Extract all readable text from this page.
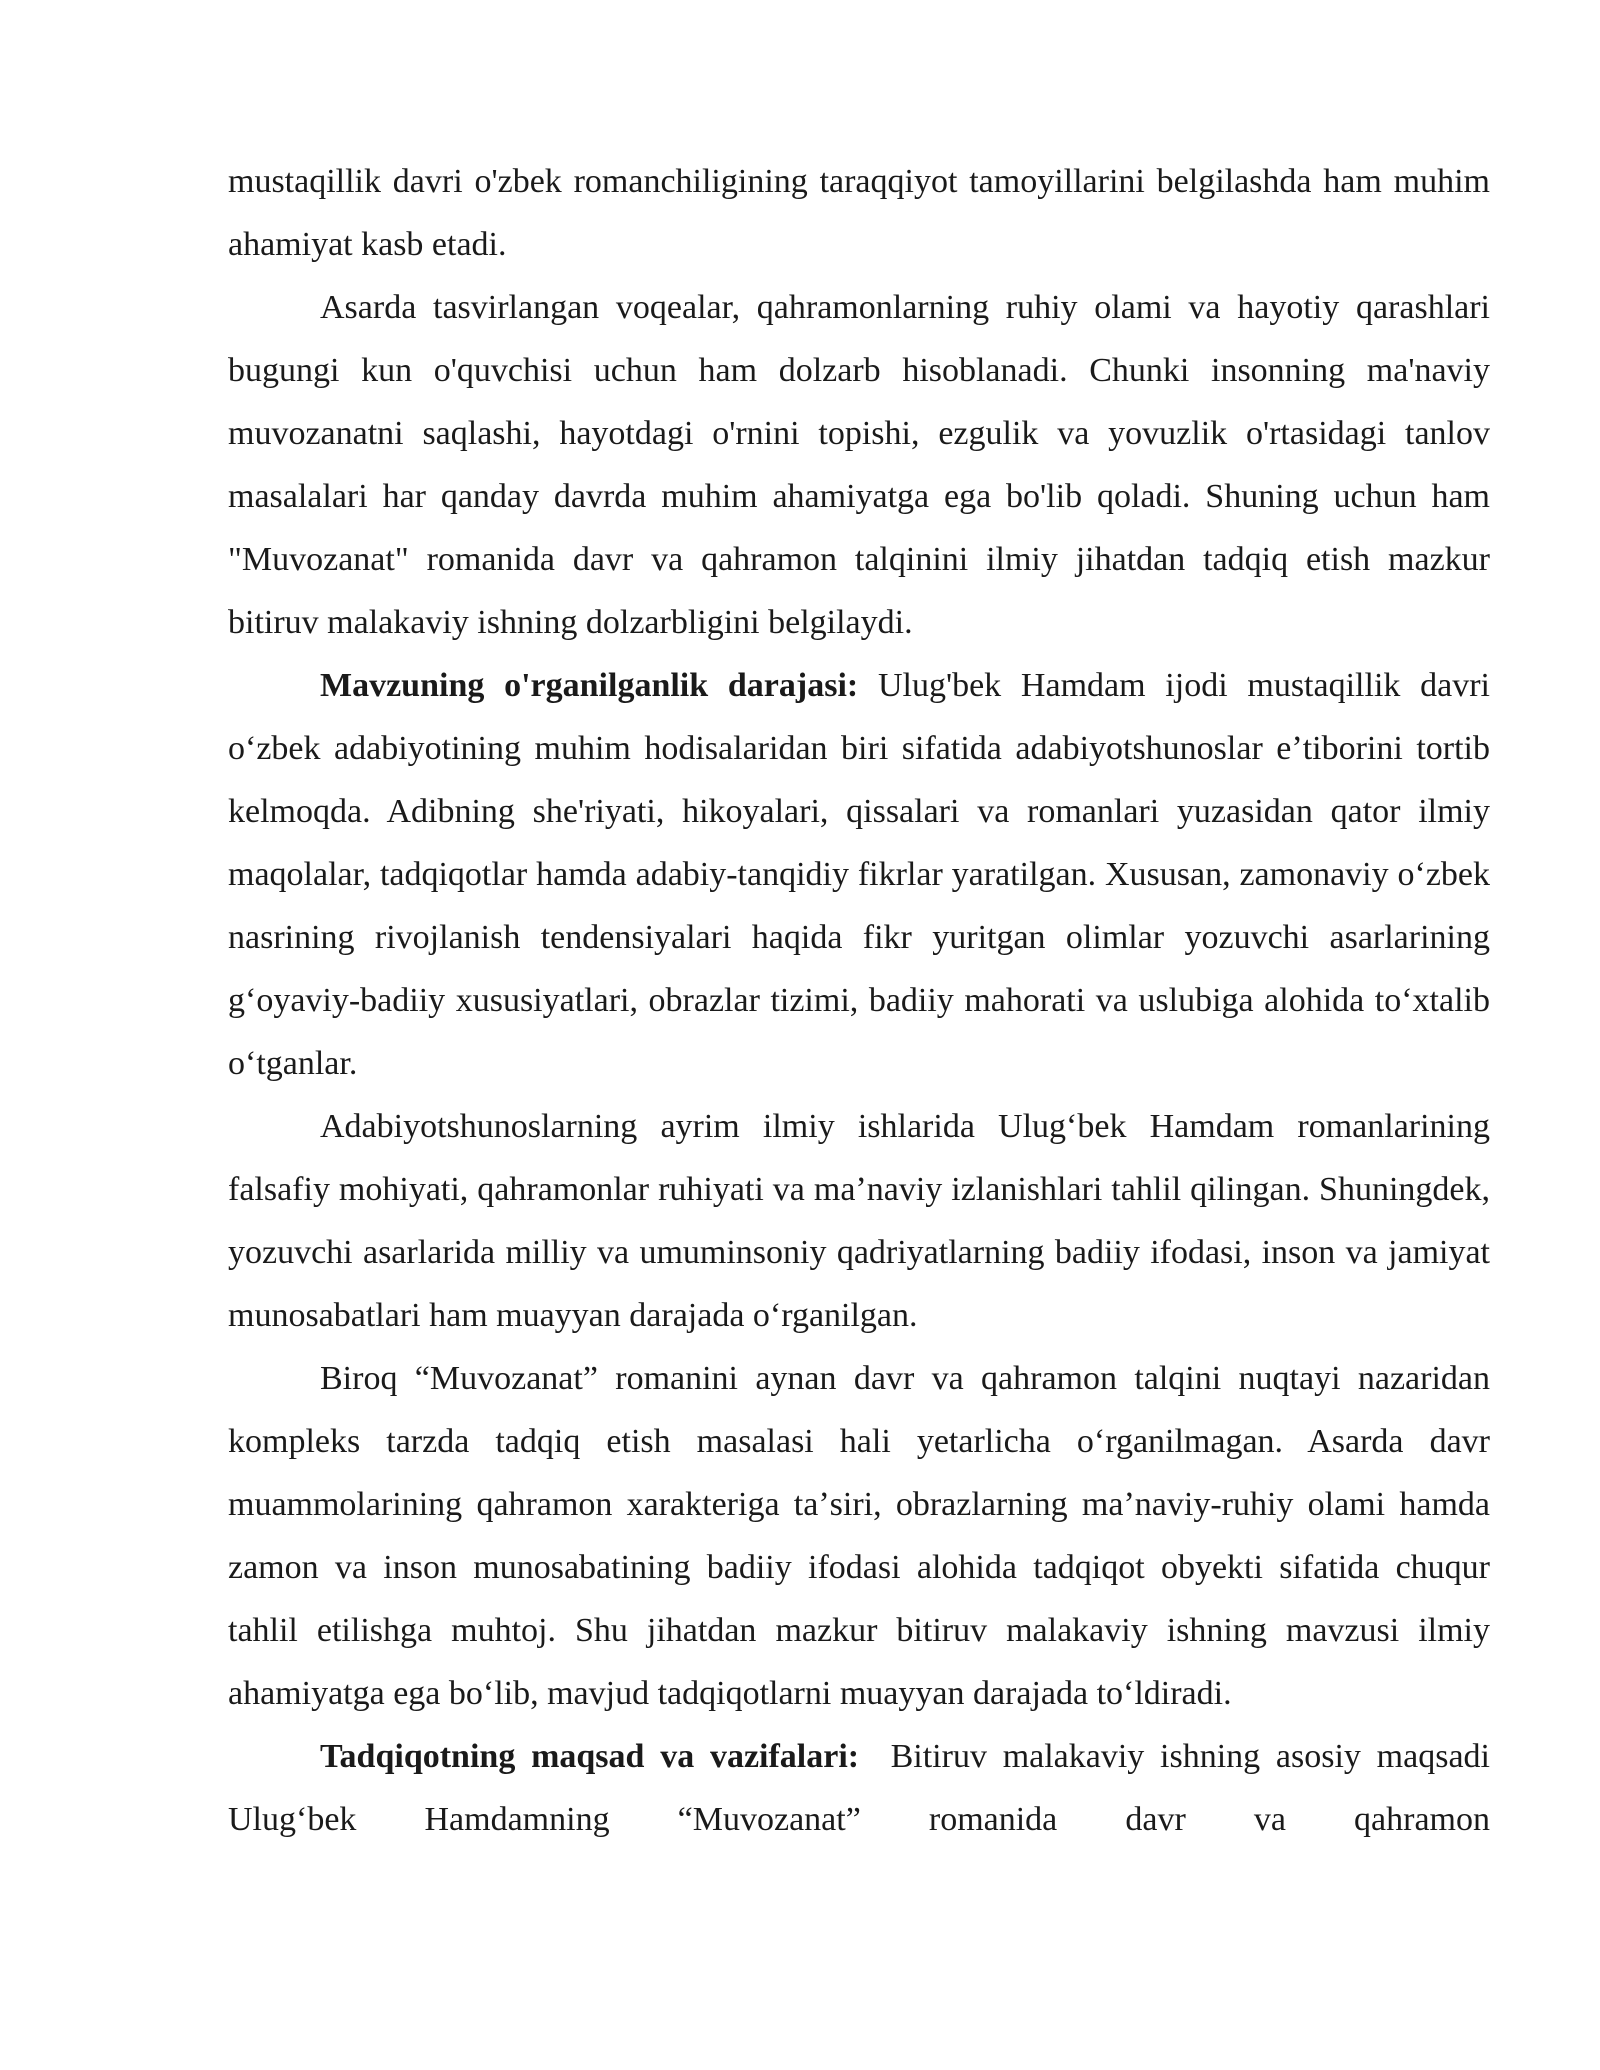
mustaqillik davri o'zbek romanchiligining taraqqiyot tamoyillarini belgilashda ham muhim ahamiyat kasb etadi.

Asarda tasvirlangan voqealar, qahramonlarning ruhiy olami va hayotiy qarashlari bugungi kun o'quvchisi uchun ham dolzarb hisoblanadi. Chunki insonning ma'naviy muvozanatni saqlashi, hayotdagi o'rnini topishi, ezgulik va yovuzlik o'rtasidagi tanlov masalalari har qanday davrda muhim ahamiyatga ega bo'lib qoladi. Shuning uchun ham "Muvozanat" romanida davr va qahramon talqinini ilmiy jihatdan tadqiq etish mazkur bitiruv malakaviy ishning dolzarbligini belgilaydi.

Mavzuning o'rganilganlik darajasi: Ulug'bek Hamdam ijodi mustaqillik davri oʻzbek adabiyotining muhim hodisalaridan biri sifatida adabiyotshunoslar eʼtiborini tortib kelmoqda. Adibning she'riyati, hikoyalari, qissalari va romanlari yuzasidan qator ilmiy maqolalar, tadqiqotlar hamda adabiy-tanqidiy fikrlar yaratilgan. Xususan, zamonaviy oʻzbek nasrining rivojlanish tendensiyalari haqida fikr yuritgan olimlar yozuvchi asarlarining gʻoyaviy-badiiy xususiyatlari, obrazlar tizimi, badiiy mahorati va uslubiga alohida toʻxtalib oʻtganlar.

Adabiyotshunoslarning ayrim ilmiy ishlarida Ulugʻbek Hamdam romanlarining falsafiy mohiyati, qahramonlar ruhiyati va maʼnaviy izlanishlari tahlil qilingan. Shuningdek, yozuvchi asarlarida milliy va umuminsoniy qadriyatlarning badiiy ifodasi, inson va jamiyat munosabatlari ham muayyan darajada oʻrganilgan.

Biroq “Muvozanat” romanini aynan davr va qahramon talqini nuqtayi nazaridan kompleks tarzda tadqiq etish masalasi hali yetarlicha oʻrganilmagan. Asarda davr muammolarining qahramon xarakteriga taʼsiri, obrazlarning maʼnaviy-ruhiy olami hamda zamon va inson munosabatining badiiy ifodasi alohida tadqiqot obyekti sifatida chuqur tahlil etilishga muhtoj. Shu jihatdan mazkur bitiruv malakaviy ishning mavzusi ilmiy ahamiyatga ega boʻlib, mavjud tadqiqotlarni muayyan darajada toʻldiradi.

Tadqiqotning maqsad va vazifalari:  Bitiruv malakaviy ishning asosiy maqsadi Ulugʻbek Hamdamning “Muvozanat” romanida davr va qahramon
